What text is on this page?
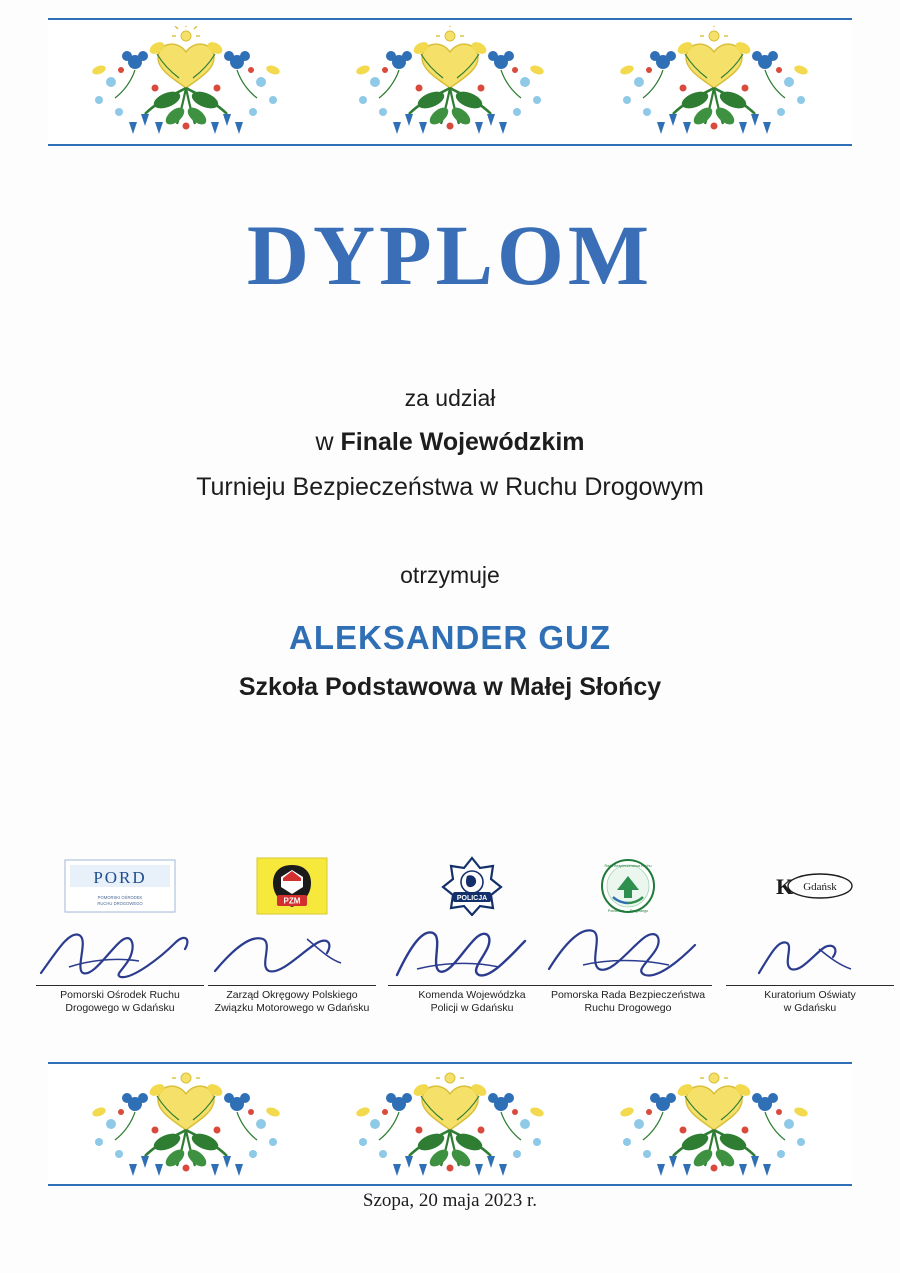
DYPLOM
za udział
w Finale Wojewódzkim
Turnieju Bezpieczeństwa w Ruchu Drogowym
otrzymuje
ALEKSANDER GUZ
Szkoła Podstawowa w Małej Słońcy
PORD
POMORSKI OŚRODEK
RUCHU DROGOWEGO
Pomorski Ośrodek Ruchu
Drogowego w Gdańsku
PZM
Zarząd Okręgowy Polskiego
Związku Motorowego w Gdańsku
POLICJA
Komenda Wojewódzka
Policji w Gdańsku
Rada Bezpieczeństwa Ruchu
Pomorska — Drogowego
Pomorska Rada Bezpieczeństwa
Ruchu Drogowego
K Gdańsk
Kuratorium Oświaty
w Gdańsku
Szopa, 20 maja 2023 r.
